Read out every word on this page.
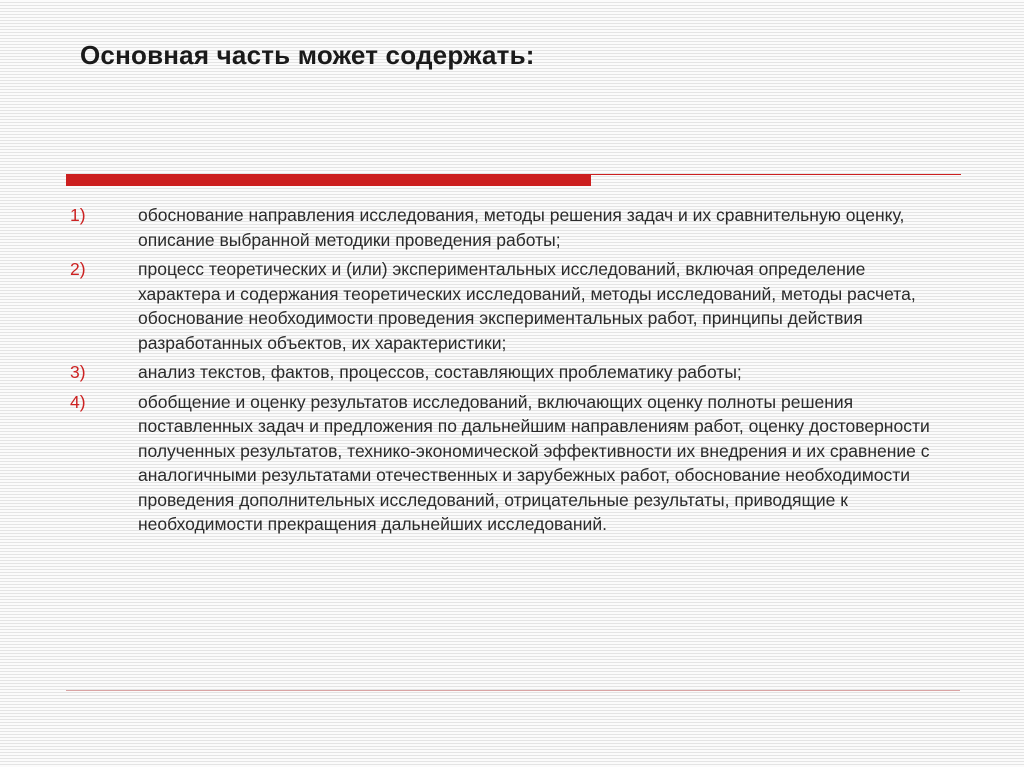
Основная часть может содержать:
1)	обоснование направления исследования, методы решения задач и их сравнительную оценку, описание выбранной методики проведения работы;
2)	процесс теоретических и (или) экспериментальных исследований, включая определение характера и содержания теоретических исследований, методы исследований, методы расчета, обоснование необходимости проведения экспериментальных работ, принципы действия разработанных объектов, их характеристики;
3)	анализ текстов, фактов, процессов, составляющих проблематику работы;
4)	обобщение и оценку результатов исследований, включающих оценку полноты решения поставленных задач и предложения по дальнейшим направлениям работ, оценку достоверности полученных результатов, технико-экономической эффективности их внедрения и их сравнение с аналогичными результатами отечественных и зарубежных работ, обоснование необходимости проведения дополнительных исследований, отрицательные результаты, приводящие к необходимости прекращения дальнейших исследований.
